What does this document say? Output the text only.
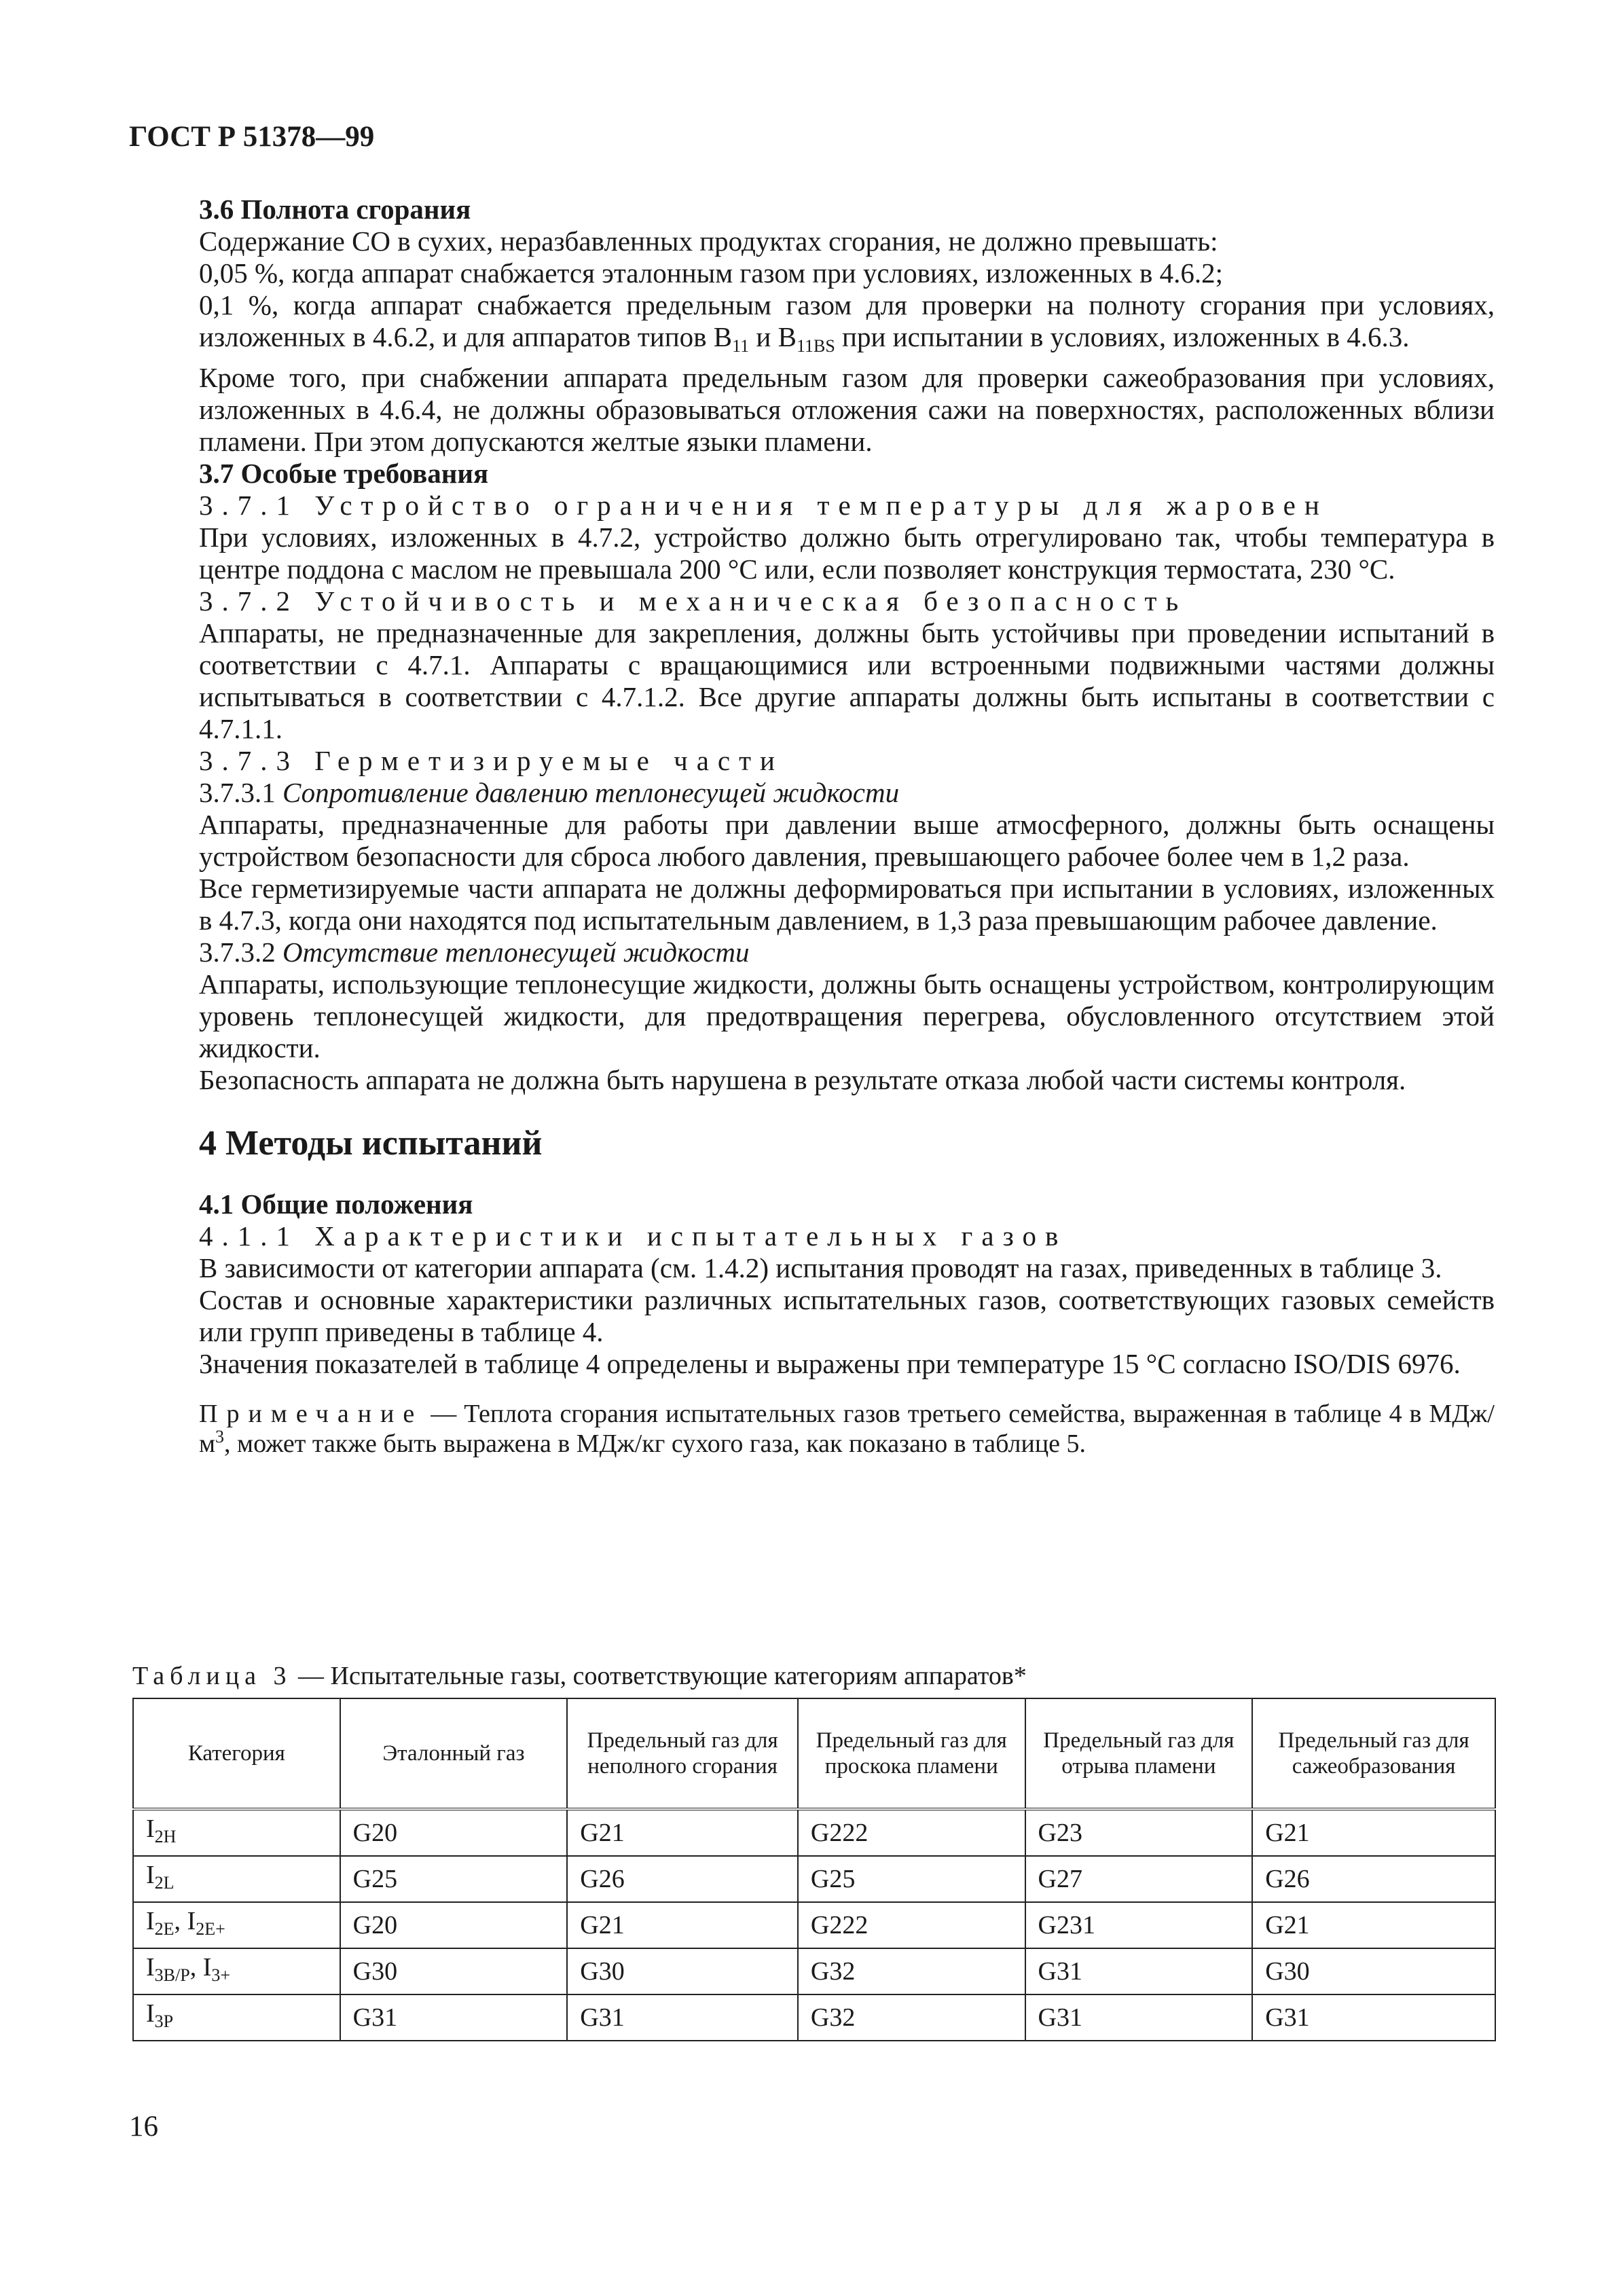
ГОСТ Р 51378—99

3.6 Полнота сгорания

Содержание СО в сухих, неразбавленных продуктах сгорания, не должно превышать:

0,05 %, когда аппарат снабжается эталонным газом при условиях, изложенных в 4.6.2;

0,1 %, когда аппарат снабжается предельным газом для проверки на полноту сгорания при условиях, изложенных в 4.6.2, и для аппаратов типов $B_{11}$ и $B_{11BS}$ при испытании в условиях, изложенных в 4.6.3.

Кроме того, при снабжении аппарата предельным газом для проверки сажеобразования при условиях, изложенных в 4.6.4, не должны образовываться отложения сажи на поверхностях, расположенных вблизи пламени. При этом допускаются желтые языки пламени.

3.7 Особые требования

3.7.1 Устройство ограничения температуры для жаровен

При условиях, изложенных в 4.7.2, устройство должно быть отрегулировано так, чтобы температура в центре поддона с маслом не превышала 200 °С или, если позволяет конструкция термостата, 230 °С.

3.7.2 Устойчивость и механическая безопасность

Аппараты, не предназначенные для закрепления, должны быть устойчивы при проведении испытаний в соответствии с 4.7.1. Аппараты с вращающимися или встроенными подвижными частями должны испытываться в соответствии с 4.7.1.2. Все другие аппараты должны быть испытаны в соответствии с 4.7.1.1.

3.7.3 Герметизируемые части

3.7.3.1 Сопротивление давлению теплонесущей жидкости

Аппараты, предназначенные для работы при давлении выше атмосферного, должны быть оснащены устройством безопасности для сброса любого давления, превышающего рабочее более чем в 1,2 раза.

Все герметизируемые части аппарата не должны деформироваться при испытании в условиях, изложенных в 4.7.3, когда они находятся под испытательным давлением, в 1,3 раза превышающим рабочее давление.

3.7.3.2 Отсутствие теплонесущей жидкости

Аппараты, использующие теплонесущие жидкости, должны быть оснащены устройством, контролирующим уровень теплонесущей жидкости, для предотвращения перегрева, обусловленного отсутствием этой жидкости.

Безопасность аппарата не должна быть нарушена в результате отказа любой части системы контроля.

4 Методы испытаний

4.1 Общие положения

4.1.1 Характеристики испытательных газов

В зависимости от категории аппарата (см. 1.4.2) испытания проводят на газах, приведенных в таблице 3.

Состав и основные характеристики различных испытательных газов, соответствующих газовых семейств или групп приведены в таблице 4.

Значения показателей в таблице 4 определены и выражены при температуре 15 °С согласно ISO/DIS 6976.

Примечание — Теплота сгорания испытательных газов третьего семейства, выраженная в таблице 4 в МДж/$м^3$, может также быть выражена в МДж/кг сухого газа, как показано в таблице 5.

Таблица 3 — Испытательные газы, соответствующие категориям аппаратов*
Категория	Эталонный газ	Предельный газ для неполного сгорания	Предельный газ для проскока пламени	Предельный газ для отрыва пламени	Предельный газ для сажеобразования
$I_{2H}$	G20	G21	G222	G23	G21
$I_{2L}$	G25	G26	G25	G27	G26
$I_{2E}$, $I_{2E+}$	G20	G21	G222	G231	G21
$I_{3B/P}$, $I_{3+}$	G30	G30	G32	G31	G30
$I_{3P}$	G31	G31	G32	G31	G31
16
